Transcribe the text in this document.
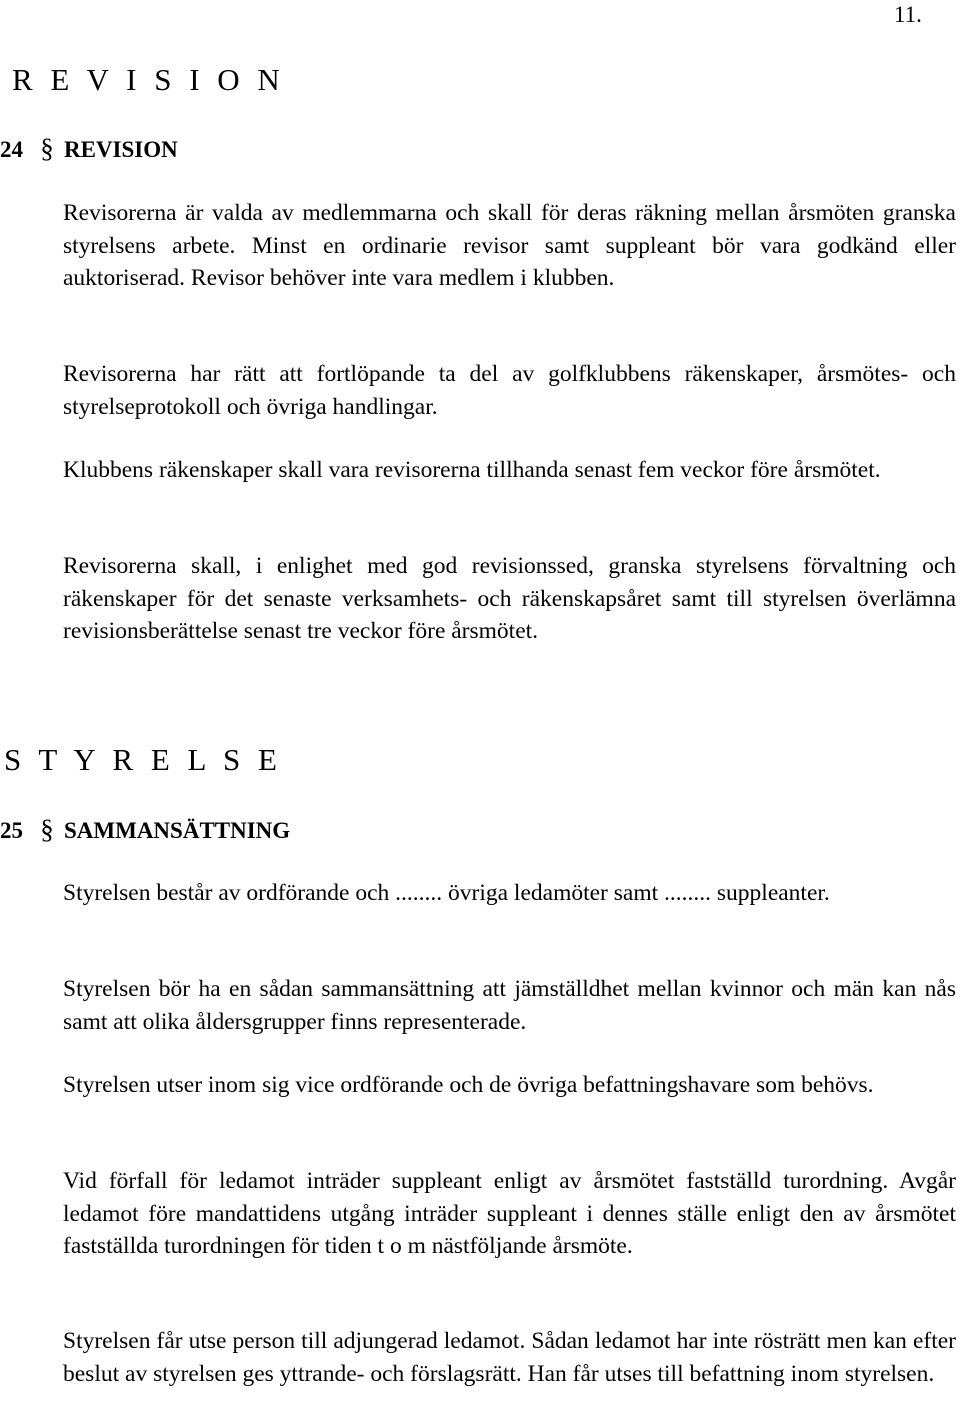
11.
R E V I S I O N
24 § REVISION

Revisorerna är valda av medlemmarna och skall för deras räkning mellan årsmöten granska styrelsens arbete. Minst en ordinarie revisor samt suppleant bör vara godkänd eller auktoriserad. Revisor behöver inte vara medlem i klubben.

Revisorerna har rätt att fortlöpande ta del av golfklubbens räkenskaper, årsmötes- och styrelseprotokoll och övriga handlingar.

Klubbens räkenskaper skall vara revisorerna tillhanda senast fem veckor före årsmötet.

Revisorerna skall, i enlighet med god revisionssed, granska styrelsens förvaltning och räkenskaper för det senaste verksamhets- och räkenskapsåret samt till styrelsen överlämna revisionsberättelse senast tre veckor före årsmötet.

S T Y R E L S E
25 § SAMMANSÄTTNING

Styrelsen består av ordförande och ........ övriga ledamöter samt ........ suppleanter.

Styrelsen bör ha en sådan sammansättning att jämställdhet mellan kvinnor och män kan nås samt att olika åldersgrupper finns representerade.

Styrelsen utser inom sig vice ordförande och de övriga befattningshavare som behövs.

Vid förfall för ledamot inträder suppleant enligt av årsmötet fastställd turordning. Avgår ledamot före mandattidens utgång inträder suppleant i dennes ställe enligt den av årsmötet fastställda turordningen för tiden t o m nästföljande årsmöte.

Styrelsen får utse person till adjungerad ledamot. Sådan ledamot har inte rösträtt men kan efter beslut av styrelsen ges yttrande- och förslagsrätt. Han får utses till befattning inom styrelsen.
